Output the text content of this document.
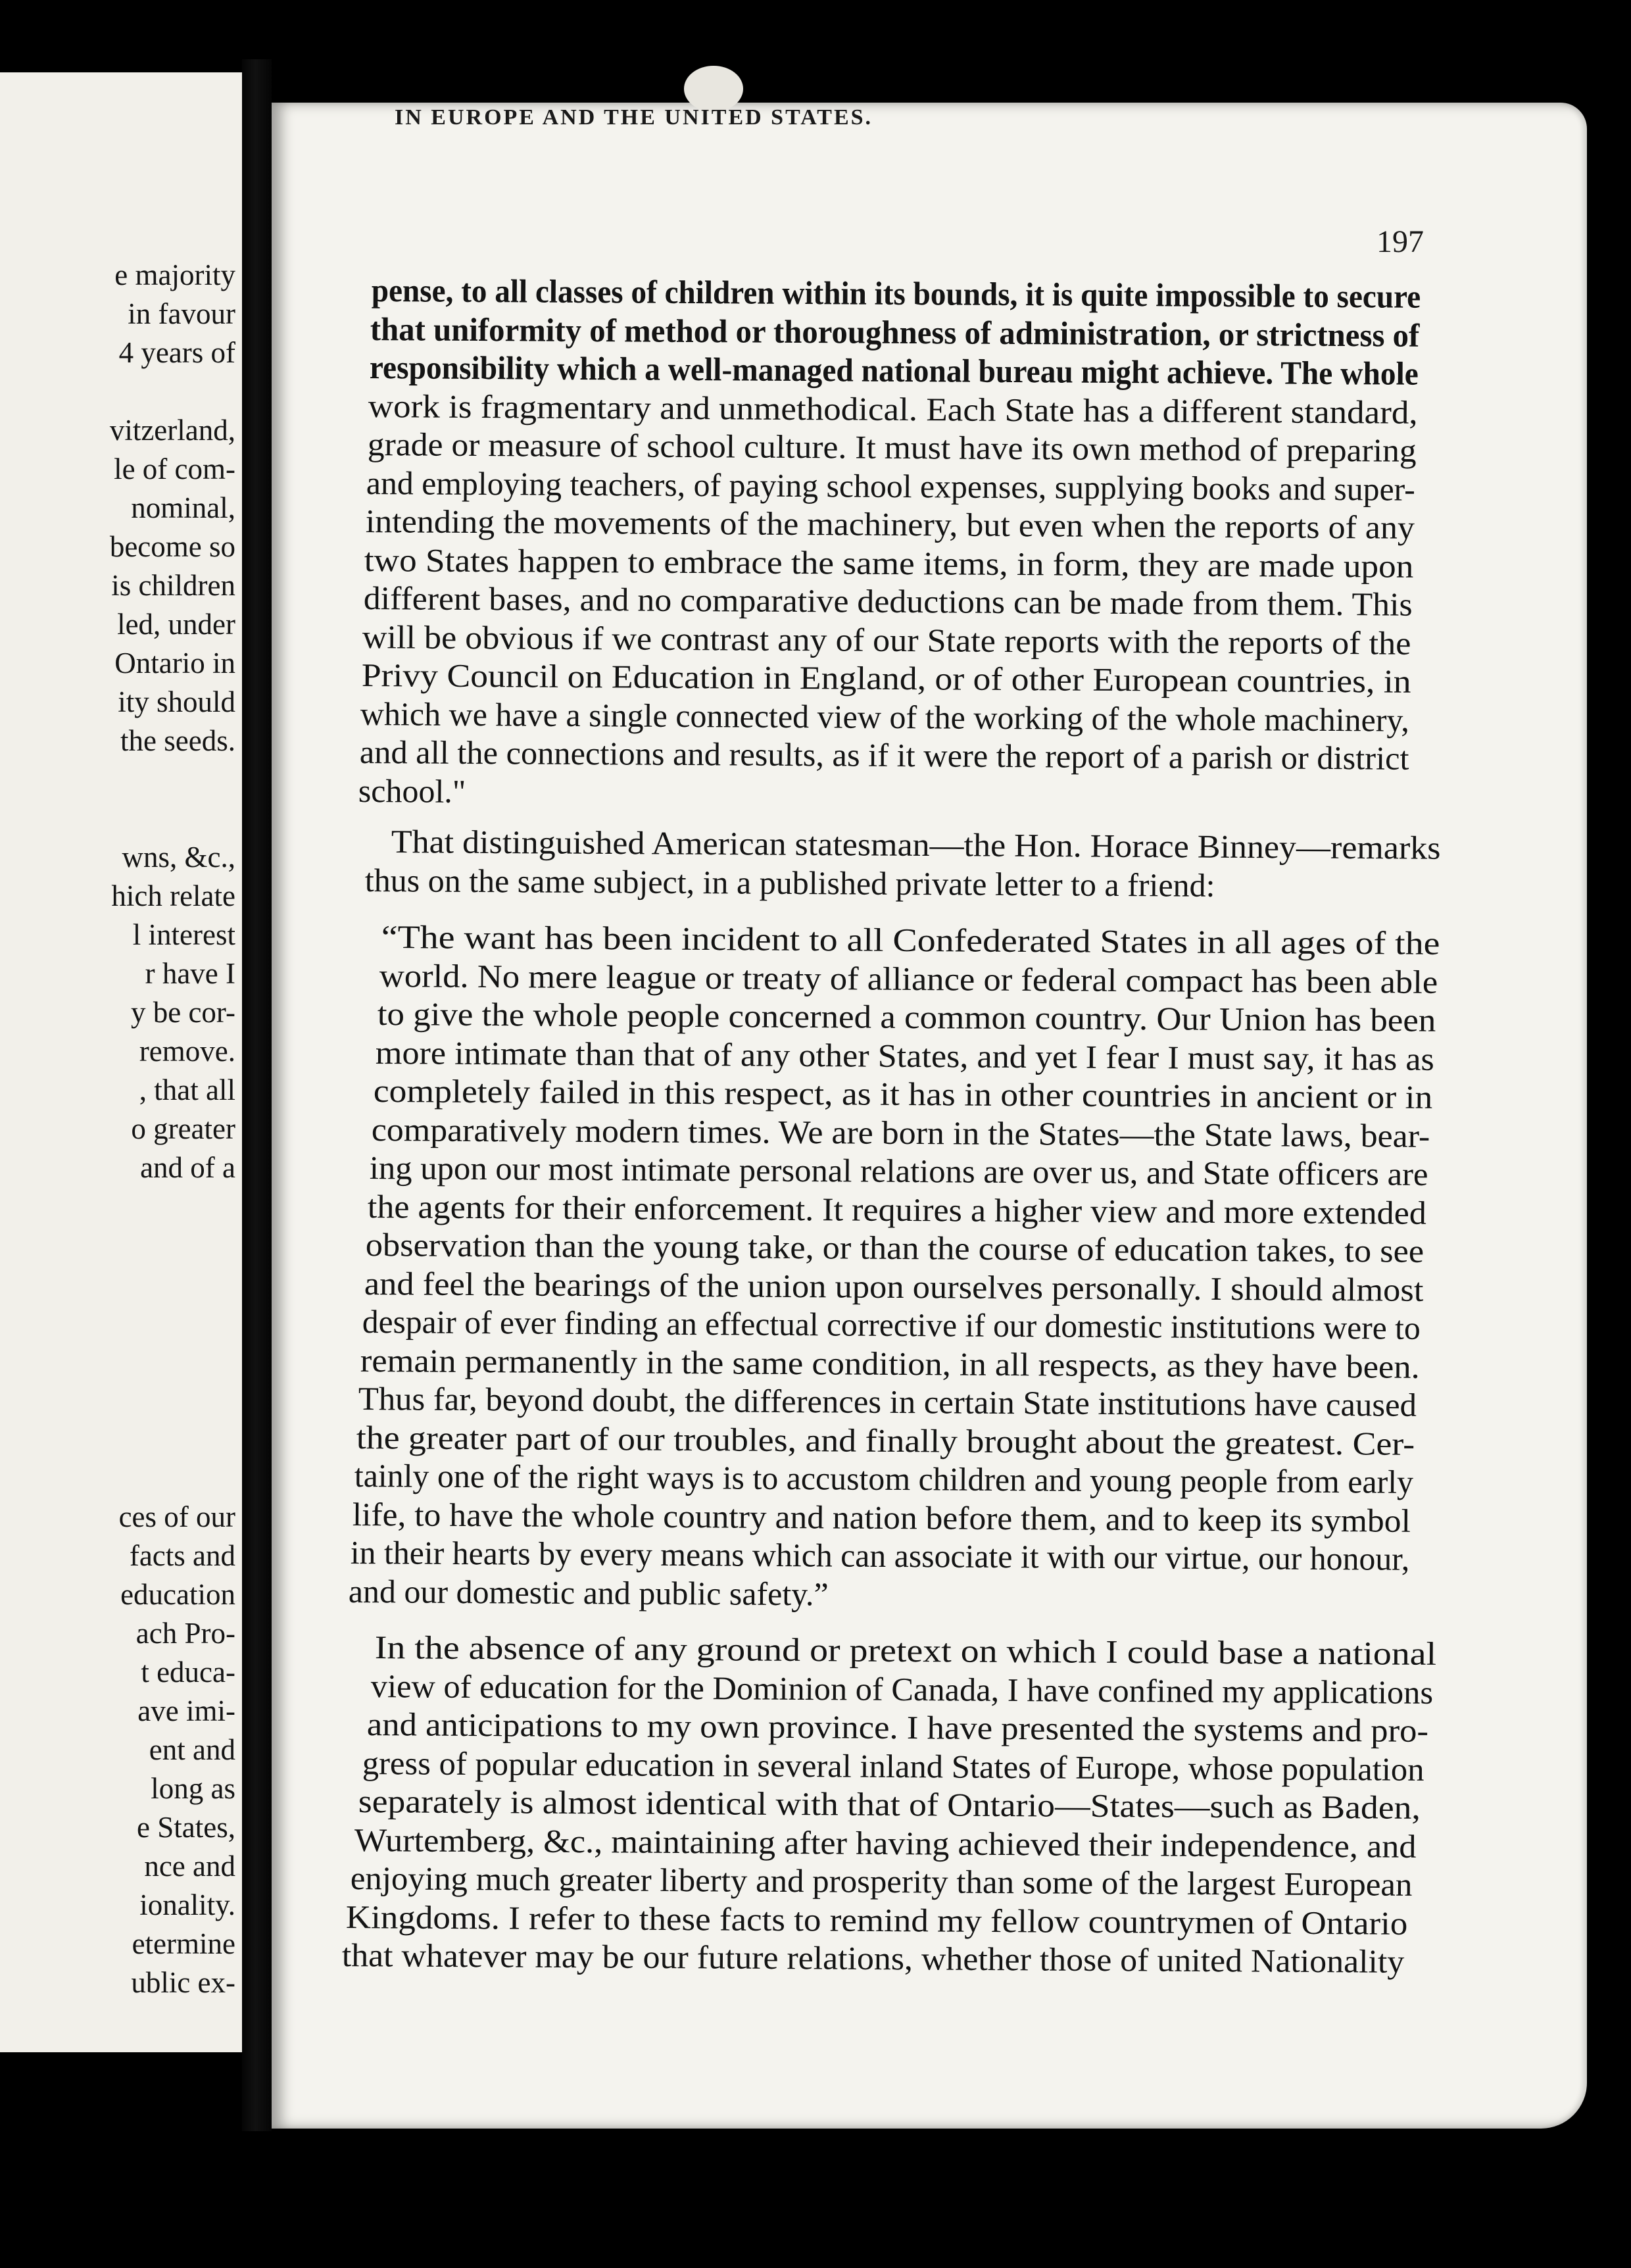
e majority
in favour
4 years of
vitzerland,
le of com-
nominal,
become so
is children
led, under
Ontario in
ity should
the seeds.
wns, &c.,
hich relate
l interest
r have I
y be cor-
remove.
, that all
o greater
and of a
ces of our
facts and
education
ach Pro-
t educa-
ave imi-
ent and
long as
e States,
nce and
ionality.
etermine
ublic ex-
IN EUROPE AND THE UNITED STATES.
197
pense, to all classes of children within its bounds, it is quite impossible to secure
that uniformity of method or thoroughness of administration, or strictness of
responsibility which a well-managed national bureau might achieve. The whole
work is fragmentary and unmethodical. Each State has a different standard,
grade or measure of school culture. It must have its own method of preparing
and employing teachers, of paying school expenses, supplying books and super-
intending the movements of the machinery, but even when the reports of any
two States happen to embrace the same items, in form, they are made upon
different bases, and no comparative deductions can be made from them. This
will be obvious if we contrast any of our State reports with the reports of the
Privy Council on Education in England, or of other European countries, in
which we have a single connected view of the working of the whole machinery,
and all the connections and results, as if it were the report of a parish or district
school."
That distinguished American statesman—the Hon. Horace Binney—remarks
thus on the same subject, in a published private letter to a friend:
“The want has been incident to all Confederated States in all ages of the
world. No mere league or treaty of alliance or federal compact has been able
to give the whole people concerned a common country. Our Union has been
more intimate than that of any other States, and yet I fear I must say, it has as
completely failed in this respect, as it has in other countries in ancient or in
comparatively modern times. We are born in the States—the State laws, bear-
ing upon our most intimate personal relations are over us, and State officers are
the agents for their enforcement. It requires a higher view and more extended
observation than the young take, or than the course of education takes, to see
and feel the bearings of the union upon ourselves personally. I should almost
despair of ever finding an effectual corrective if our domestic institutions were to
remain permanently in the same condition, in all respects, as they have been.
Thus far, beyond doubt, the differences in certain State institutions have caused
the greater part of our troubles, and finally brought about the greatest. Cer-
tainly one of the right ways is to accustom children and young people from early
life, to have the whole country and nation before them, and to keep its symbol
in their hearts by every means which can associate it with our virtue, our honour,
and our domestic and public safety.”
In the absence of any ground or pretext on which I could base a national
view of education for the Dominion of Canada, I have confined my applications
and anticipations to my own province. I have presented the systems and pro-
gress of popular education in several inland States of Europe, whose population
separately is almost identical with that of Ontario—States—such as Baden,
Wurtemberg, &c., maintaining after having achieved their independence, and
enjoying much greater liberty and prosperity than some of the largest European
Kingdoms. I refer to these facts to remind my fellow countrymen of Ontario
that whatever may be our future relations, whether those of united Nationality
